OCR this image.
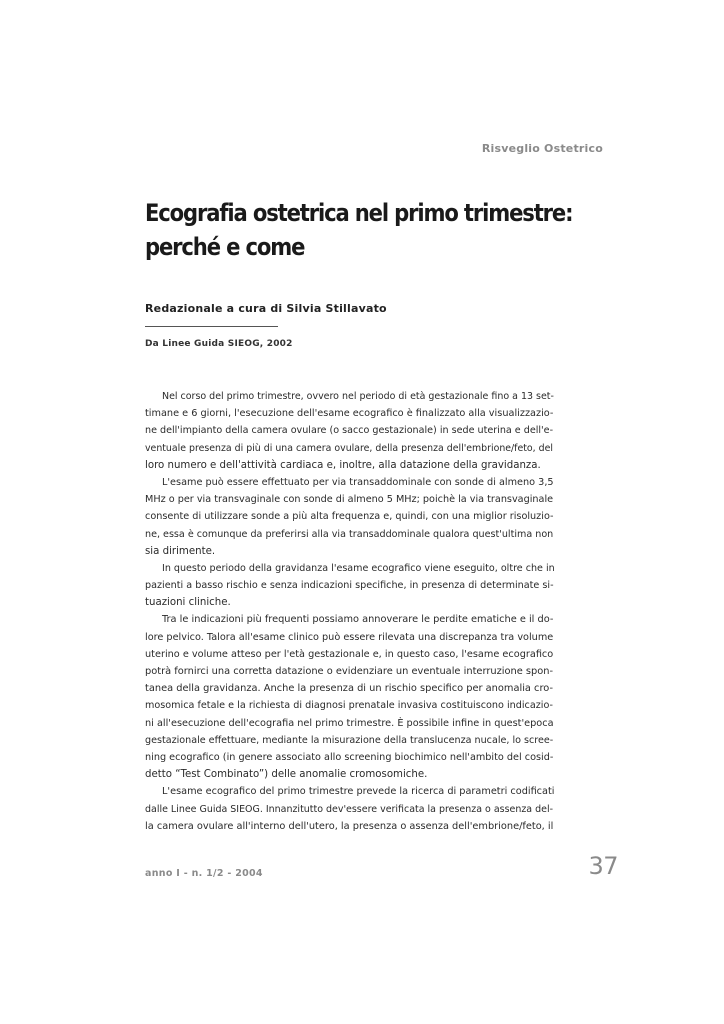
Risveglio Ostetrico
Ecografia ostetrica nel primo trimestre:
perché e come
Redazionale a cura di Silvia Stillavato
Da Linee Guida SIEOG, 2002
Nel corso del primo trimestre, ovvero nel periodo di età gestazionale fino a 13 set-
timane e 6 giorni, l'esecuzione dell'esame ecografico è finalizzato alla visualizzazio-
ne dell'impianto della camera ovulare (o sacco gestazionale) in sede uterina e dell'e-
ventuale presenza di più di una camera ovulare, della presenza dell'embrione/feto, del
loro numero e dell'attività cardiaca e, inoltre, alla datazione della gravidanza.
L'esame può essere effettuato per via transaddominale con sonde di almeno 3,5
MHz o per via transvaginale con sonde di almeno 5 MHz; poichè la via transvaginale
consente di utilizzare sonde a più alta frequenza e, quindi, con una miglior risoluzio-
ne, essa è comunque da preferirsi alla via transaddominale qualora quest'ultima non
sia dirimente.
In questo periodo della gravidanza l'esame ecografico viene eseguito, oltre che in
pazienti a basso rischio e senza indicazioni specifiche, in presenza di determinate si-
tuazioni cliniche.
Tra le indicazioni più frequenti possiamo annoverare le perdite ematiche e il do-
lore pelvico. Talora all'esame clinico può essere rilevata una discrepanza tra volume
uterino e volume atteso per l'età gestazionale e, in questo caso, l'esame ecografico
potrà fornirci una corretta datazione o evidenziare un eventuale interruzione spon-
tanea della gravidanza. Anche la presenza di un rischio specifico per anomalia cro-
mosomica fetale e la richiesta di diagnosi prenatale invasiva costituiscono indicazio-
ni all'esecuzione dell'ecografia nel primo trimestre. È possibile infine in quest'epoca
gestazionale effettuare, mediante la misurazione della translucenza nucale, lo scree-
ning ecografico (in genere associato allo screening biochimico nell'ambito del cosid-
detto “Test Combinato”) delle anomalie cromosomiche.
L'esame ecografico del primo trimestre prevede la ricerca di parametri codificati
dalle Linee Guida SIEOG. Innanzitutto dev'essere verificata la presenza o assenza del-
la camera ovulare all'interno dell'utero, la presenza o assenza dell'embrione/feto, il
anno I - n. 1/2 - 2004	37
